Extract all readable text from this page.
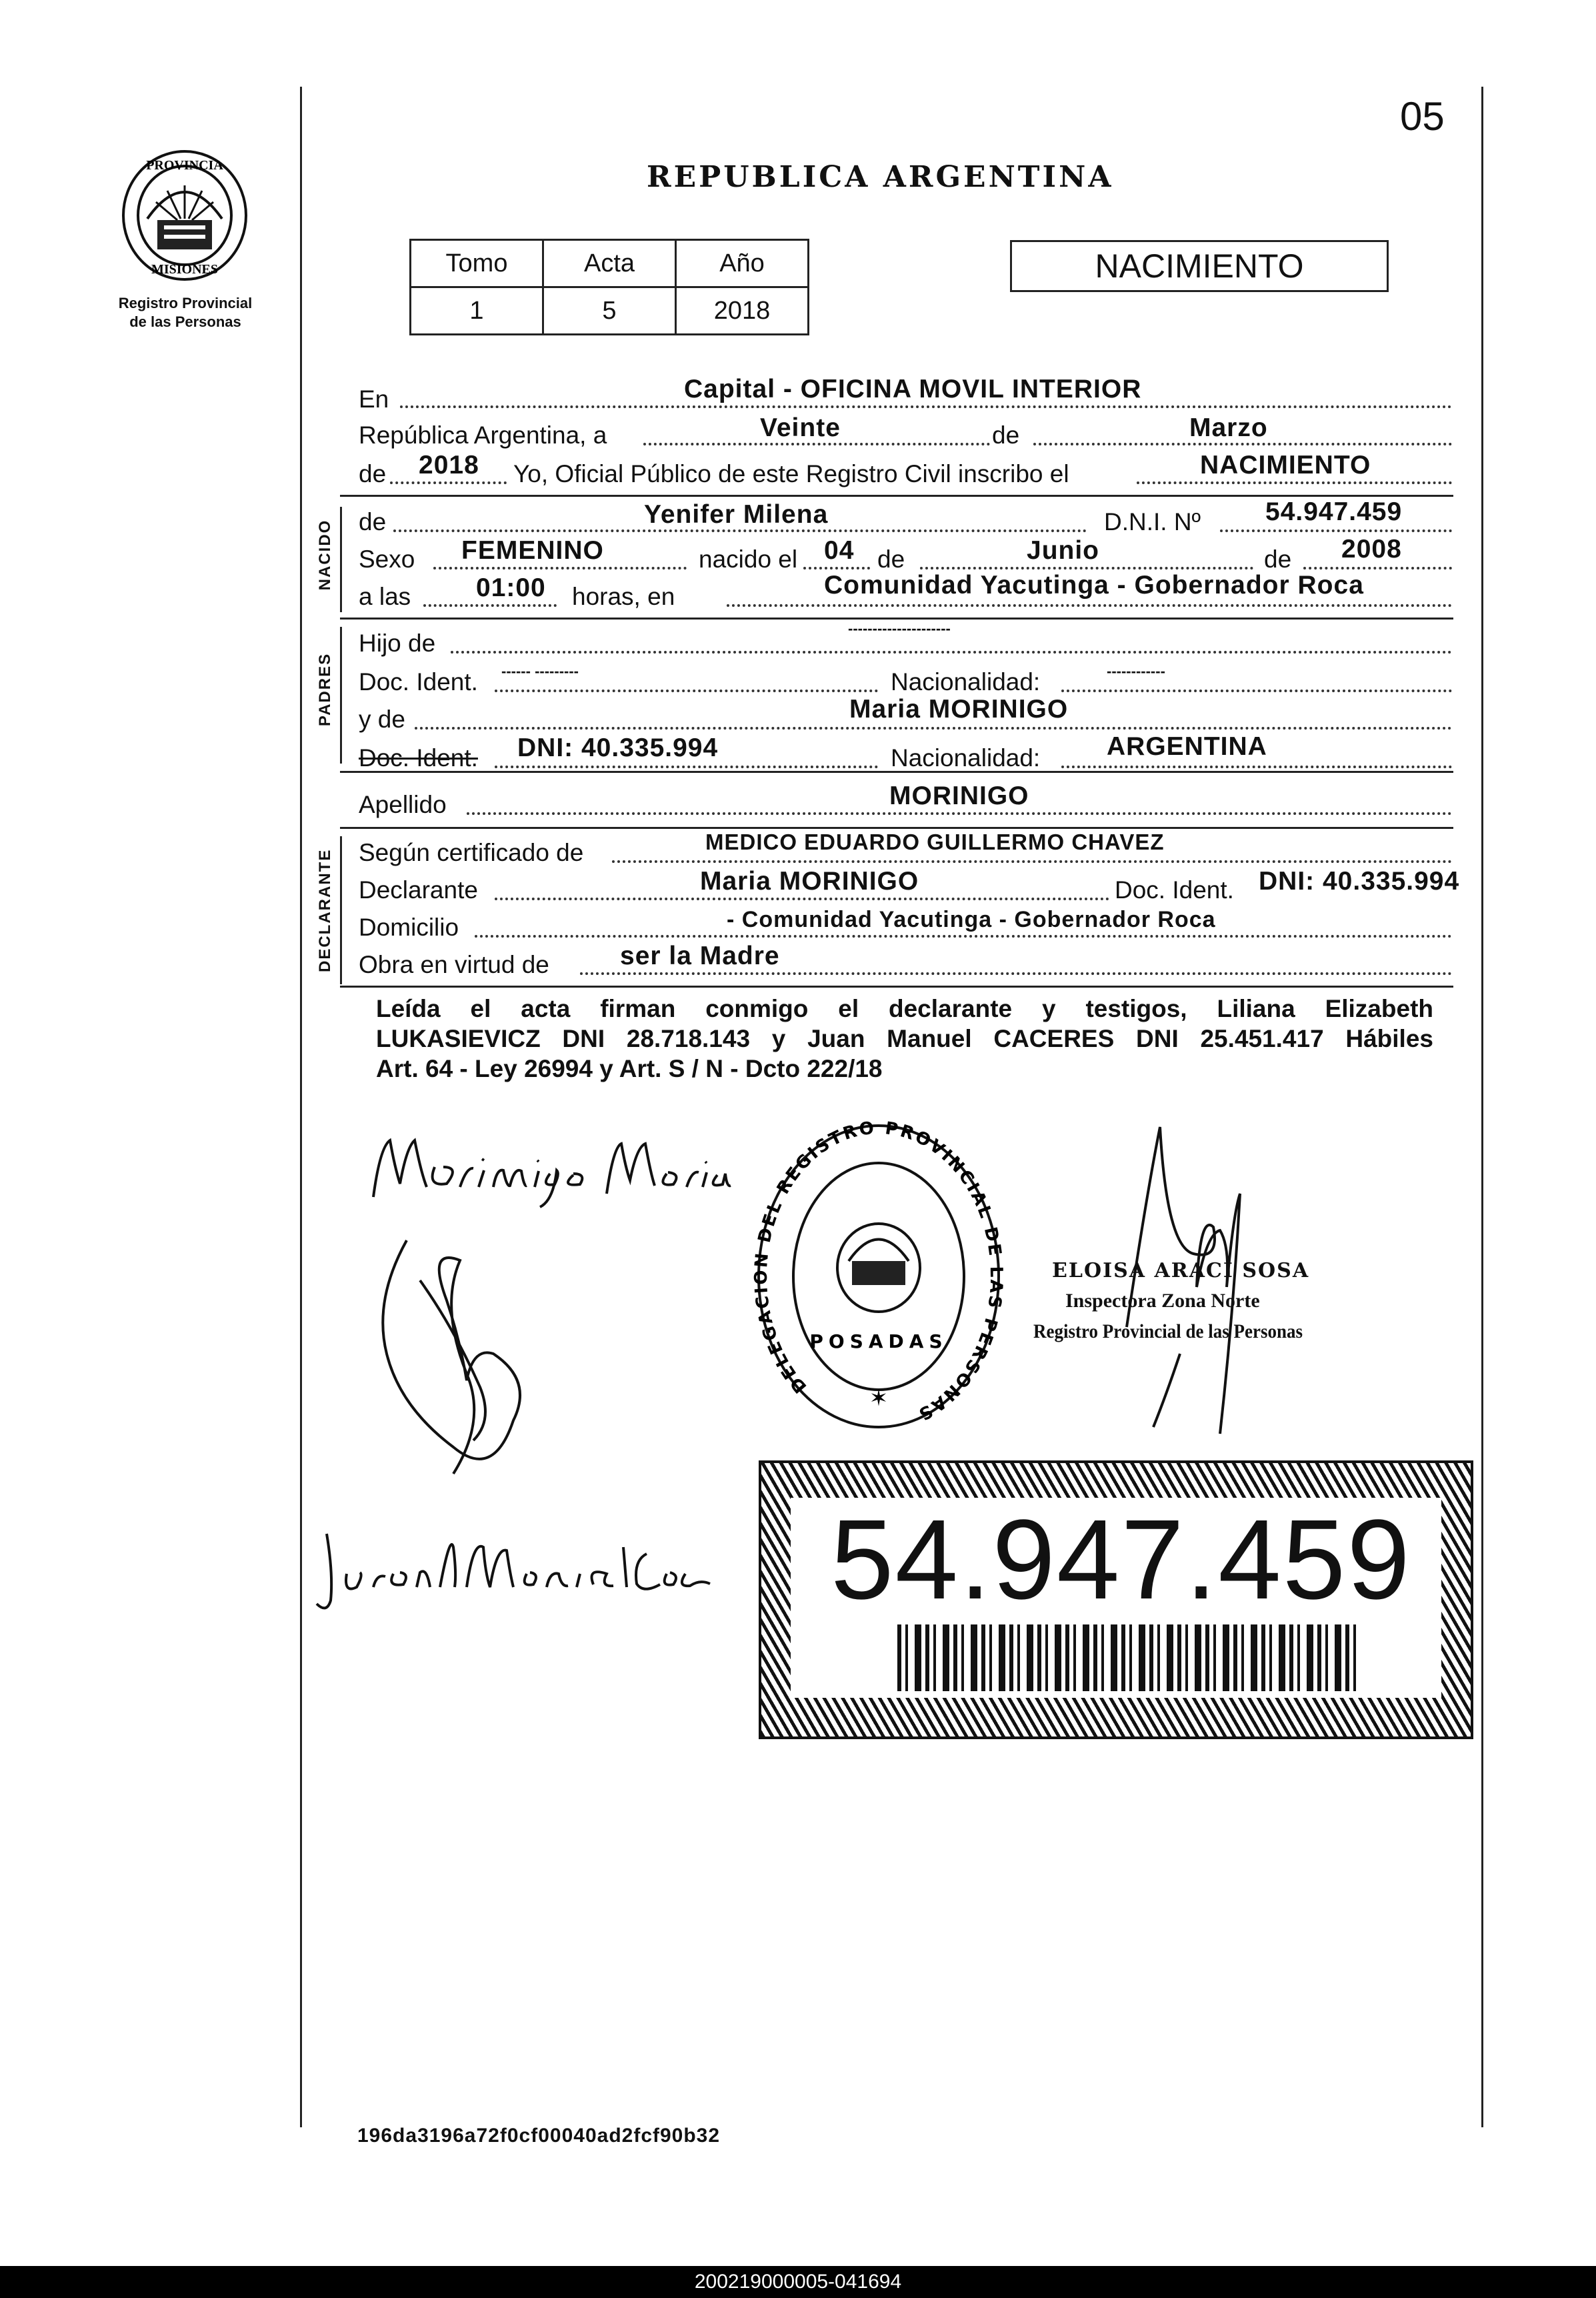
05
PROVINCIA
MISIONES
Registro Provincial
de las Personas
REPUBLICA ARGENTINA
Tomo	Acta	Año
1	5	2018
NACIMIENTO
En	Capital - OFICINA MOVIL INTERIOR
República Argentina, a	Veinte	de	Marzo
de 2018 Yo, Oficial Público de este Registro Civil inscribo el	NACIMIENTO
NACIDO de	Yenifer Milena	D.N.I. Nº 54.947.459
Sexo FEMENINO	nacido el 04 de	Junio	de 2008
a las	01:00 horas, en	Comunidad Yacutinga - Gobernador Roca
PADRES
Hijo de
---------------------
Doc. Ident. ------ ---------	Nacionalidad:	------------
y de	Maria MORINIGO
Doc. Ident. DNI: 40.335.994	Nacionalidad:	ARGENTINA
Apellido	MORINIGO
DECLARANTE Según certificado de	MEDICO EDUARDO GUILLERMO CHAVEZ
Declarante	Maria MORINIGO	Doc. Ident. DNI: 40.335.994
Domicilio	- Comunidad Yacutinga - Gobernador Roca
Obra en virtud de	ser la Madre
Leída el acta firman conmigo el declarante y testigos, Liliana Elizabeth
LUKASIEVICZ DNI 28.718.143 y Juan Manuel CACERES DNI 25.451.417 Hábiles
Art. 64 - Ley 26994 y Art. S / N - Dcto 222/18
DELEGACION DEL REGISTRO PROVINCIAL DE LAS PERSONAS
POSADAS
✶
ELOISA ARACI SOSA
Inspectora Zona Norte
Registro Provincial de las Personas
54.947.459
196da3196a72f0cf00040ad2fcf90b32
200219000005-041694
